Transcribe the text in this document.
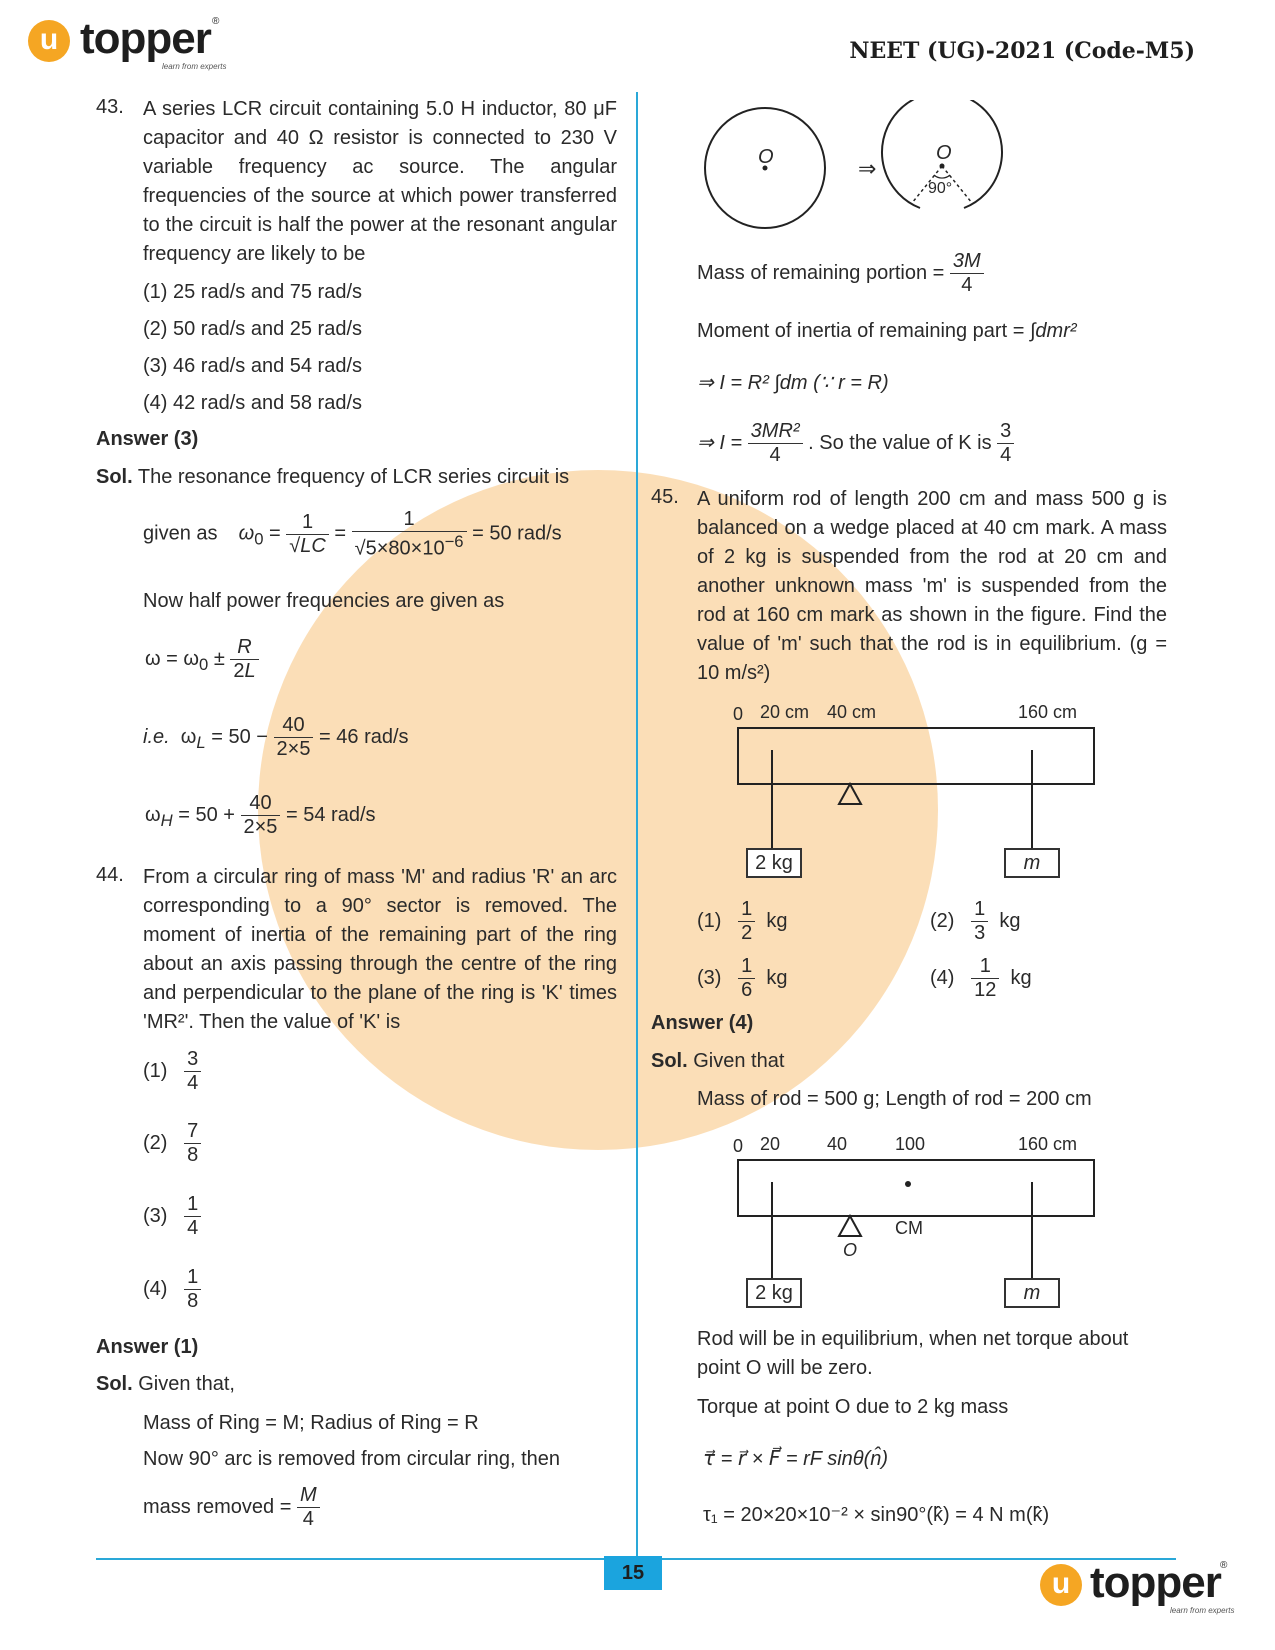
u topper ®
learn from experts
NEET (UG)-2021 (Code-M5)
43. A series LCR circuit containing 5.0 H inductor, 80 μF capacitor and 40 Ω resistor is connected to 230 V variable frequency ac source. The angular frequencies of the source at which power transferred to the circuit is half the power at the resonant angular frequency are likely to be
(1) 25 rad/s and 75 rad/s
(2) 50 rad/s and 25 rad/s
(3) 46 rad/s and 54 rad/s
(4) 42 rad/s and 58 rad/s
Answer (3)
Sol. The resonance frequency of LCR series circuit is
given as $\omega_0 = \frac{1}{√LC} = \frac{1}{√5\times 80\times 10^{-6}} = 50$ rad/s
Now half power frequencies are given as
$\omega = \omega_0 \pm \frac{R}{2L}$
i.e.  $\omega_L = 50 - \frac{40}{2\times 5} = 46$ rad/s
$\omega_H = 50 + \frac{40}{2\times 5} = 54$ rad/s
44. From a circular ring of mass 'M' and radius 'R' an arc corresponding to a 90° sector is removed. The moment of inertia of the remaining part of the ring about an axis passing through the centre of the ring and perpendicular to the plane of the ring is 'K' times 'MR²'. Then the value of 'K' is
$(1) \frac{3}{4}$
$(2) \frac{7}{8}$
$(3) \frac{1}{4}$
$(4) \frac{1}{8}$
Answer (1)
Sol. Given that,
Mass of Ring = M; Radius of Ring = R
Now 90° arc is removed from circular ring, then
mass removed = $\frac{M}{4}$
O	⇒
O
90°
Mass of remaining portion = $\frac{3M}{4}$
Moment of inertia of remaining part = ∫dmr²
⇒ I = R² ∫dm (∵ r = R)
⇒ $I = \frac{\text{3MR²}}{4}$ . So the value of K is $\frac{3}{4}$
45. A uniform rod of length 200 cm and mass 500 g is balanced on a wedge placed at 40 cm mark. A mass of 2 kg is suspended from the rod at 20 cm and another unknown mass 'm' is suspended from the rod at 160 cm mark as shown in the figure. Find the value of 'm' such that the rod is in equilibrium. (g = 10 m/s²)
0 20 cm 40 cm	160 cm
2 kg	m
$(1) \frac{1}{2}$ kg	$(2) \frac{1}{3}$ kg
$(3) \frac{1}{6}$ kg	$(4) \frac{1}{12}$ kg
Answer (4)
Sol. Given that
Mass of rod = 500 g; Length of rod = 200 cm
0 20	40	100	160 cm
CM
O
2 kg	m
Rod will be in equilibrium, when net torque about point O will be zero.
Torque at point O due to 2 kg mass
τ⃗ = r⃗ × F⃗ = rF sinθ(n̂)
τ₁ = 20×20×10⁻² × sin90°(k̂) = 4 N m(k̂)
15	u topper ®
learn from experts
